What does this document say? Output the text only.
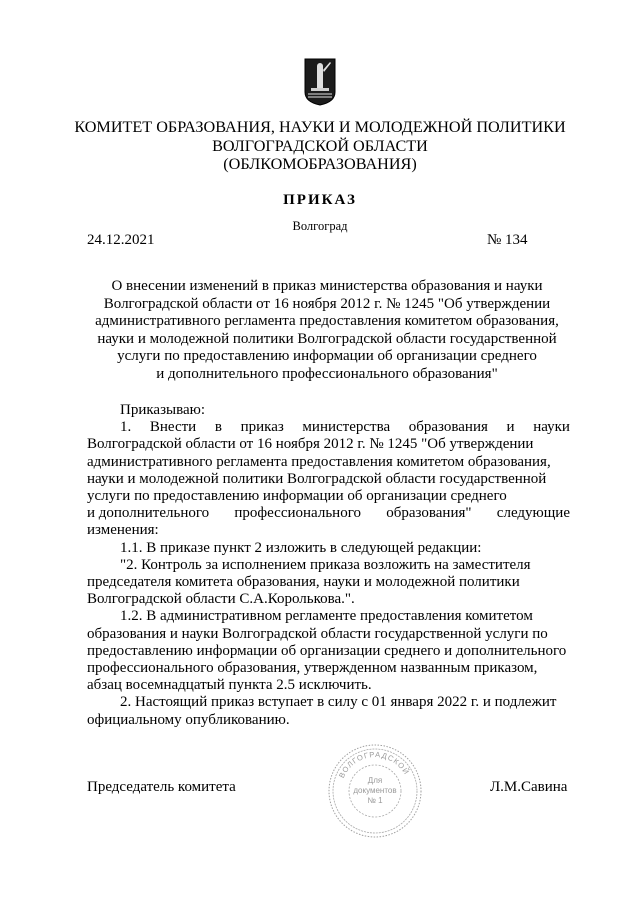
КОМИТЕТ ОБРАЗОВАНИЯ, НАУКИ И МОЛОДЕЖНОЙ ПОЛИТИКИ
ВОЛГОГРАДСКОЙ ОБЛАСТИ
(ОБЛКОМОБРАЗОВАНИЯ)
ПРИКАЗ
Волгоград
24.12.2021	№ 134
О внесении изменений в приказ министерства образования и науки
Волгоградской области от 16 ноября 2012 г. № 1245 "Об утверждении
административного регламента предоставления комитетом образования,
науки и молодежной политики Волгоградской области государственной
услуги по предоставлению информации об организации среднего
и дополнительного профессионального образования"
Приказываю:
1. Внести в приказ министерства образования и науки
Волгоградской области от 16 ноября 2012 г. № 1245 "Об утверждении
административного регламента предоставления комитетом образования,
науки и молодежной политики Волгоградской области государственной
услуги по предоставлению информации об организации среднего
и дополнительного профессионального образования" следующие
изменения:
1.1. В приказе пункт 2 изложить в следующей редакции:
"2. Контроль за исполнением приказа возложить на заместителя
председателя комитета образования, науки и молодежной политики
Волгоградской области С.А.Королькова.".
1.2. В административном регламенте предоставления комитетом
образования и науки Волгоградской области государственной услуги по
предоставлению информации об организации среднего и дополнительного
профессионального образования, утвержденном названным приказом,
абзац восемнадцатый пункта 2.5 исключить.
2. Настоящий приказ вступает в силу с 01 января 2022 г. и подлежит
официальному опубликованию.
Председатель комитета	Л.М.Савина
ВОЛГОГРАДСКОЙ
Для
документов
№ 1
